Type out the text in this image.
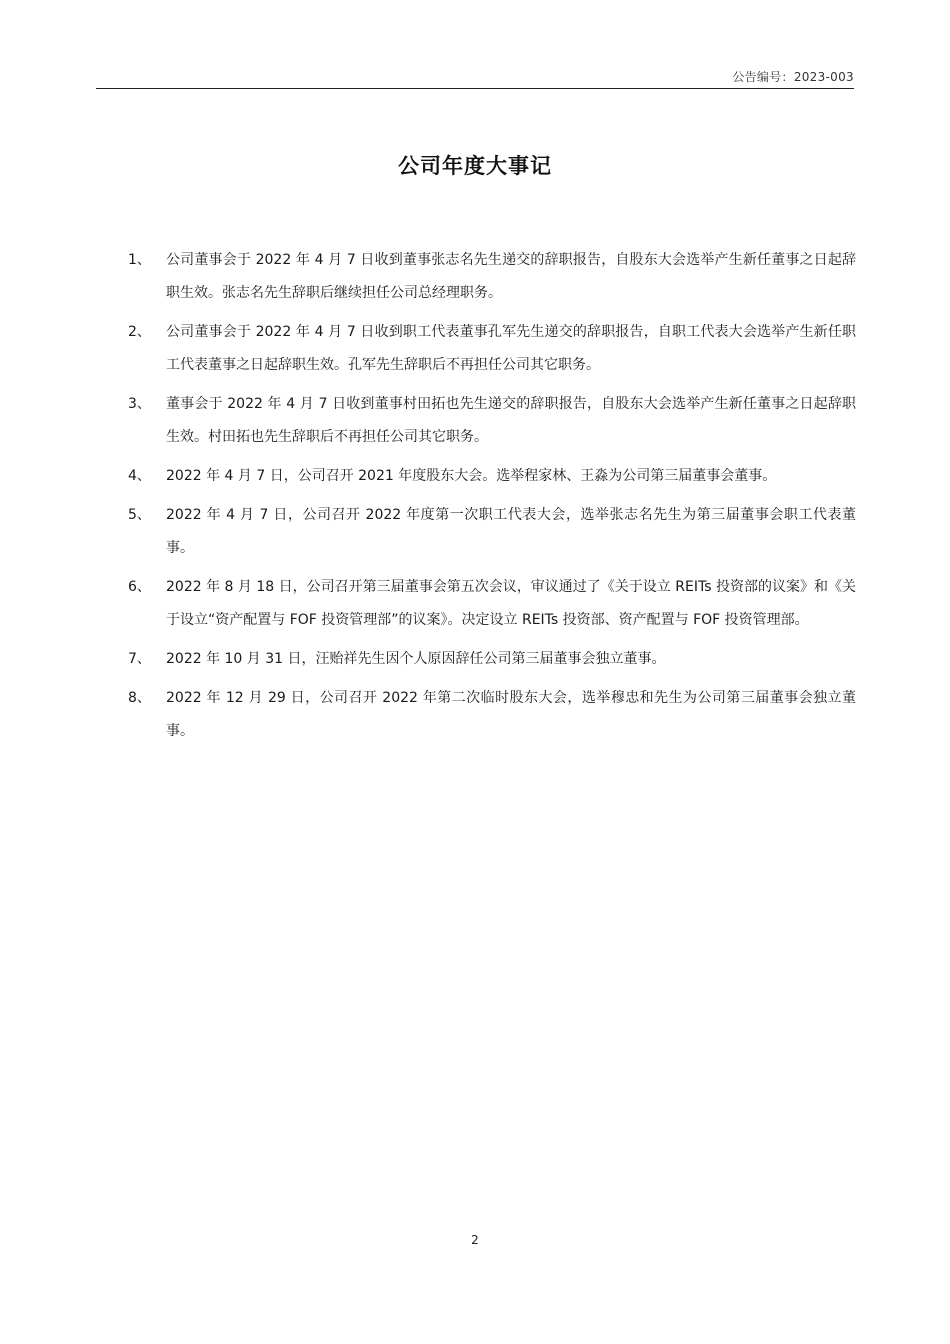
公告编号：2023-003
公司年度大事记
1、	公司董事会于 2022 年 4 月 7 日收到董事张志名先生递交的辞职报告，自股东大会选举产生新任董事之日起辞职生效。张志名先生辞职后继续担任公司总经理职务。
2、	公司董事会于 2022 年 4 月 7 日收到职工代表董事孔军先生递交的辞职报告，自职工代表大会选举产生新任职工代表董事之日起辞职生效。孔军先生辞职后不再担任公司其它职务。
3、	董事会于 2022 年 4 月 7 日收到董事村田拓也先生递交的辞职报告，自股东大会选举产生新任董事之日起辞职生效。村田拓也先生辞职后不再担任公司其它职务。
4、	2022 年 4 月 7 日，公司召开 2021 年度股东大会。选举程家林、王淼为公司第三届董事会董事。
5、	2022 年 4 月 7 日，公司召开 2022 年度第一次职工代表大会，选举张志名先生为第三届董事会职工代表董事。
6、	2022 年 8 月 18 日，公司召开第三届董事会第五次会议，审议通过了《关于设立 REITs 投资部的议案》和《关于设立“资产配置与 FOF 投资管理部”的议案》。决定设立 REITs 投资部、资产配置与 FOF 投资管理部。
7、	2022 年 10 月 31 日，汪贻祥先生因个人原因辞任公司第三届董事会独立董事。
8、	2022 年 12 月 29 日，公司召开 2022 年第二次临时股东大会，选举穆忠和先生为公司第三届董事会独立董事。
2
